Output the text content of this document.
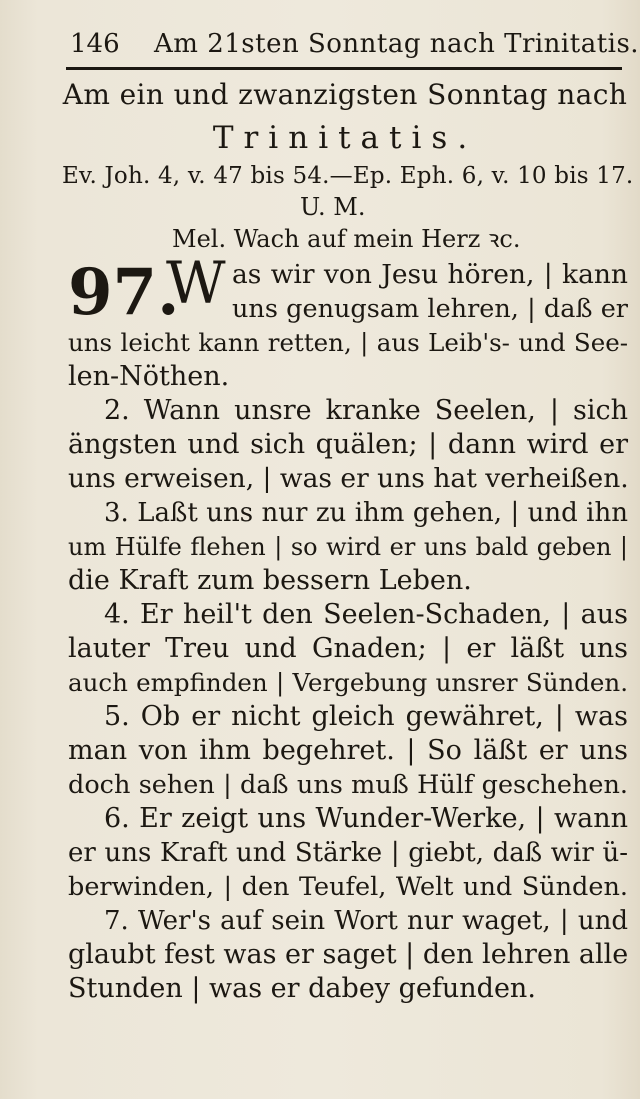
146 Am 21sten Sonntag nach Trinitatis.
Am ein und zwanzigsten Sonntag nach
Trinitatis.
Ev. Joh. 4, v. 47 bis 54.—Ep. Eph. 6, v. 10 bis 17.
U. M.
Mel. Wach auf mein Herz ꝛc.
97.
W as wir von Jesu hören, | kann
uns genugsam lehren, | daß er
uns leicht kann retten, | aus Leib's- und See-
len-Nöthen.
2. Wann unsre kranke Seelen, | sich
ängsten und sich quälen; | dann wird er
uns erweisen, | was er uns hat verheißen.
3. Laßt uns nur zu ihm gehen, | und ihn
um Hülfe flehen | so wird er uns bald geben |
die Kraft zum bessern Leben.
4. Er heil't den Seelen-Schaden, | aus
lauter Treu und Gnaden; | er läßt uns
auch empfinden | Vergebung unsrer Sünden.
5. Ob er nicht gleich gewähret, | was
man von ihm begehret. | So läßt er uns
doch sehen | daß uns muß Hülf geschehen.
6. Er zeigt uns Wunder-Werke, | wann
er uns Kraft und Stärke | giebt, daß wir ü-
berwinden, | den Teufel, Welt und Sünden.
7. Wer's auf sein Wort nur waget, | und
glaubt fest was er saget | den lehren alle
Stunden | was er dabey gefunden.
